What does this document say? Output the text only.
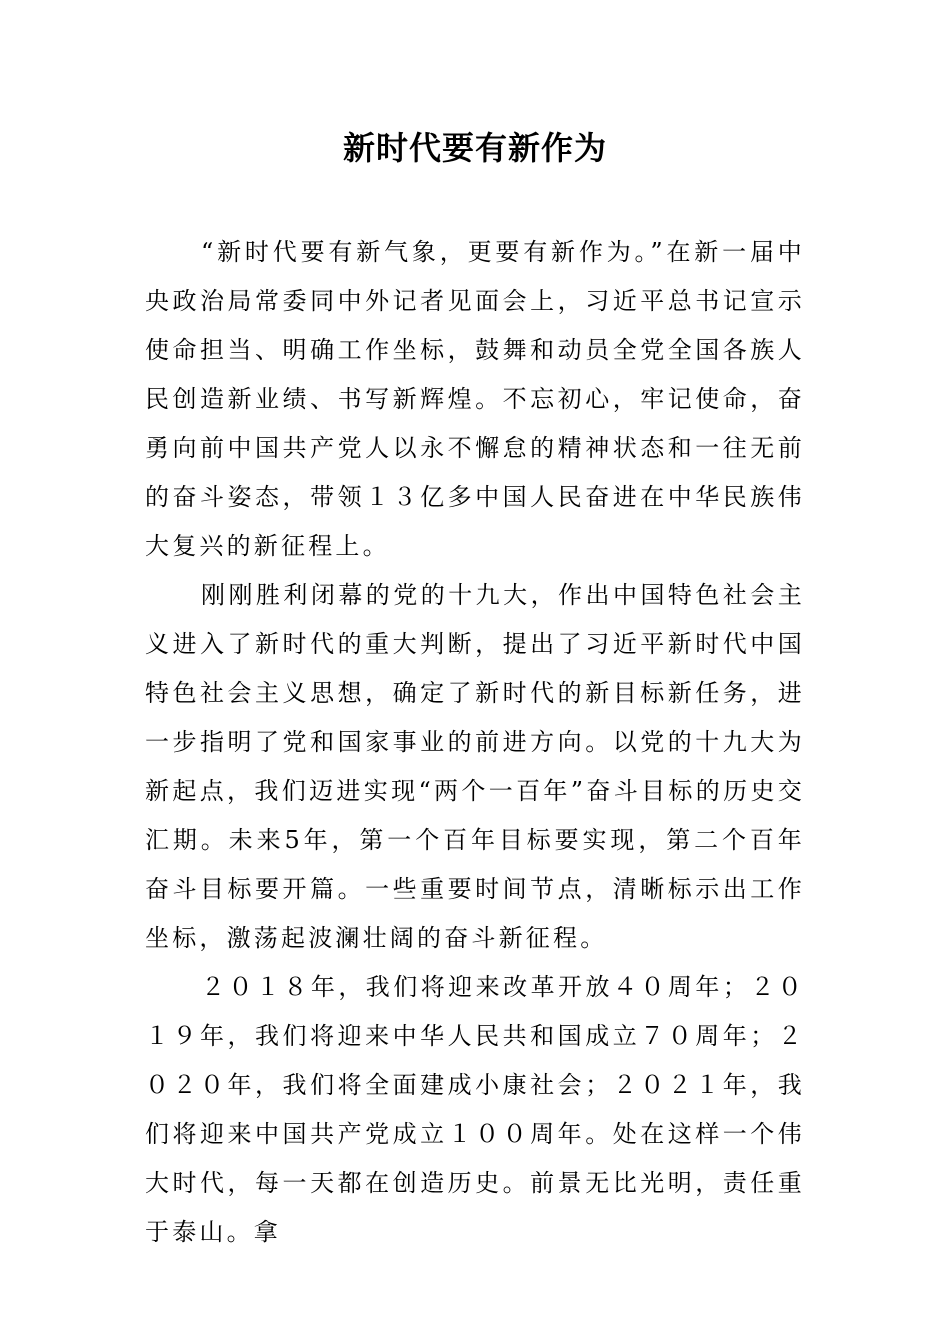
新时代要有新作为

“新时代要有新气象，更要有新作为。”在新一届中央政治局常委同中外记者见面会上，习近平总书记宣示使命担当、明确工作坐标，鼓舞和动员全党全国各族人民创造新业绩、书写新辉煌。不忘初心，牢记使命，奋勇向前中国共产党人以永不懈怠的精神状态和一往无前的奋斗姿态，带领１３亿多中国人民奋进在中华民族伟大复兴的新征程上。

刚刚胜利闭幕的党的十九大，作出中国特色社会主义进入了新时代的重大判断，提出了习近平新时代中国特色社会主义思想，确定了新时代的新目标新任务，进一步指明了党和国家事业的前进方向。以党的十九大为新起点，我们迈进实现“两个一百年”奋斗目标的历史交汇期。未来5年，第一个百年目标要实现，第二个百年奋斗目标要开篇。一些重要时间节点，清晰标示出工作坐标，激荡起波澜壮阔的奋斗新征程。

２０１８年，我们将迎来改革开放４０周年；２０１９年，我们将迎来中华人民共和国成立７０周年；２０２０年，我们将全面建成小康社会；２０２１年，我们将迎来中国共产党成立１００周年。处在这样一个伟大时代，每一天都在创造历史。前景无比光明，责任重于泰山。拿
